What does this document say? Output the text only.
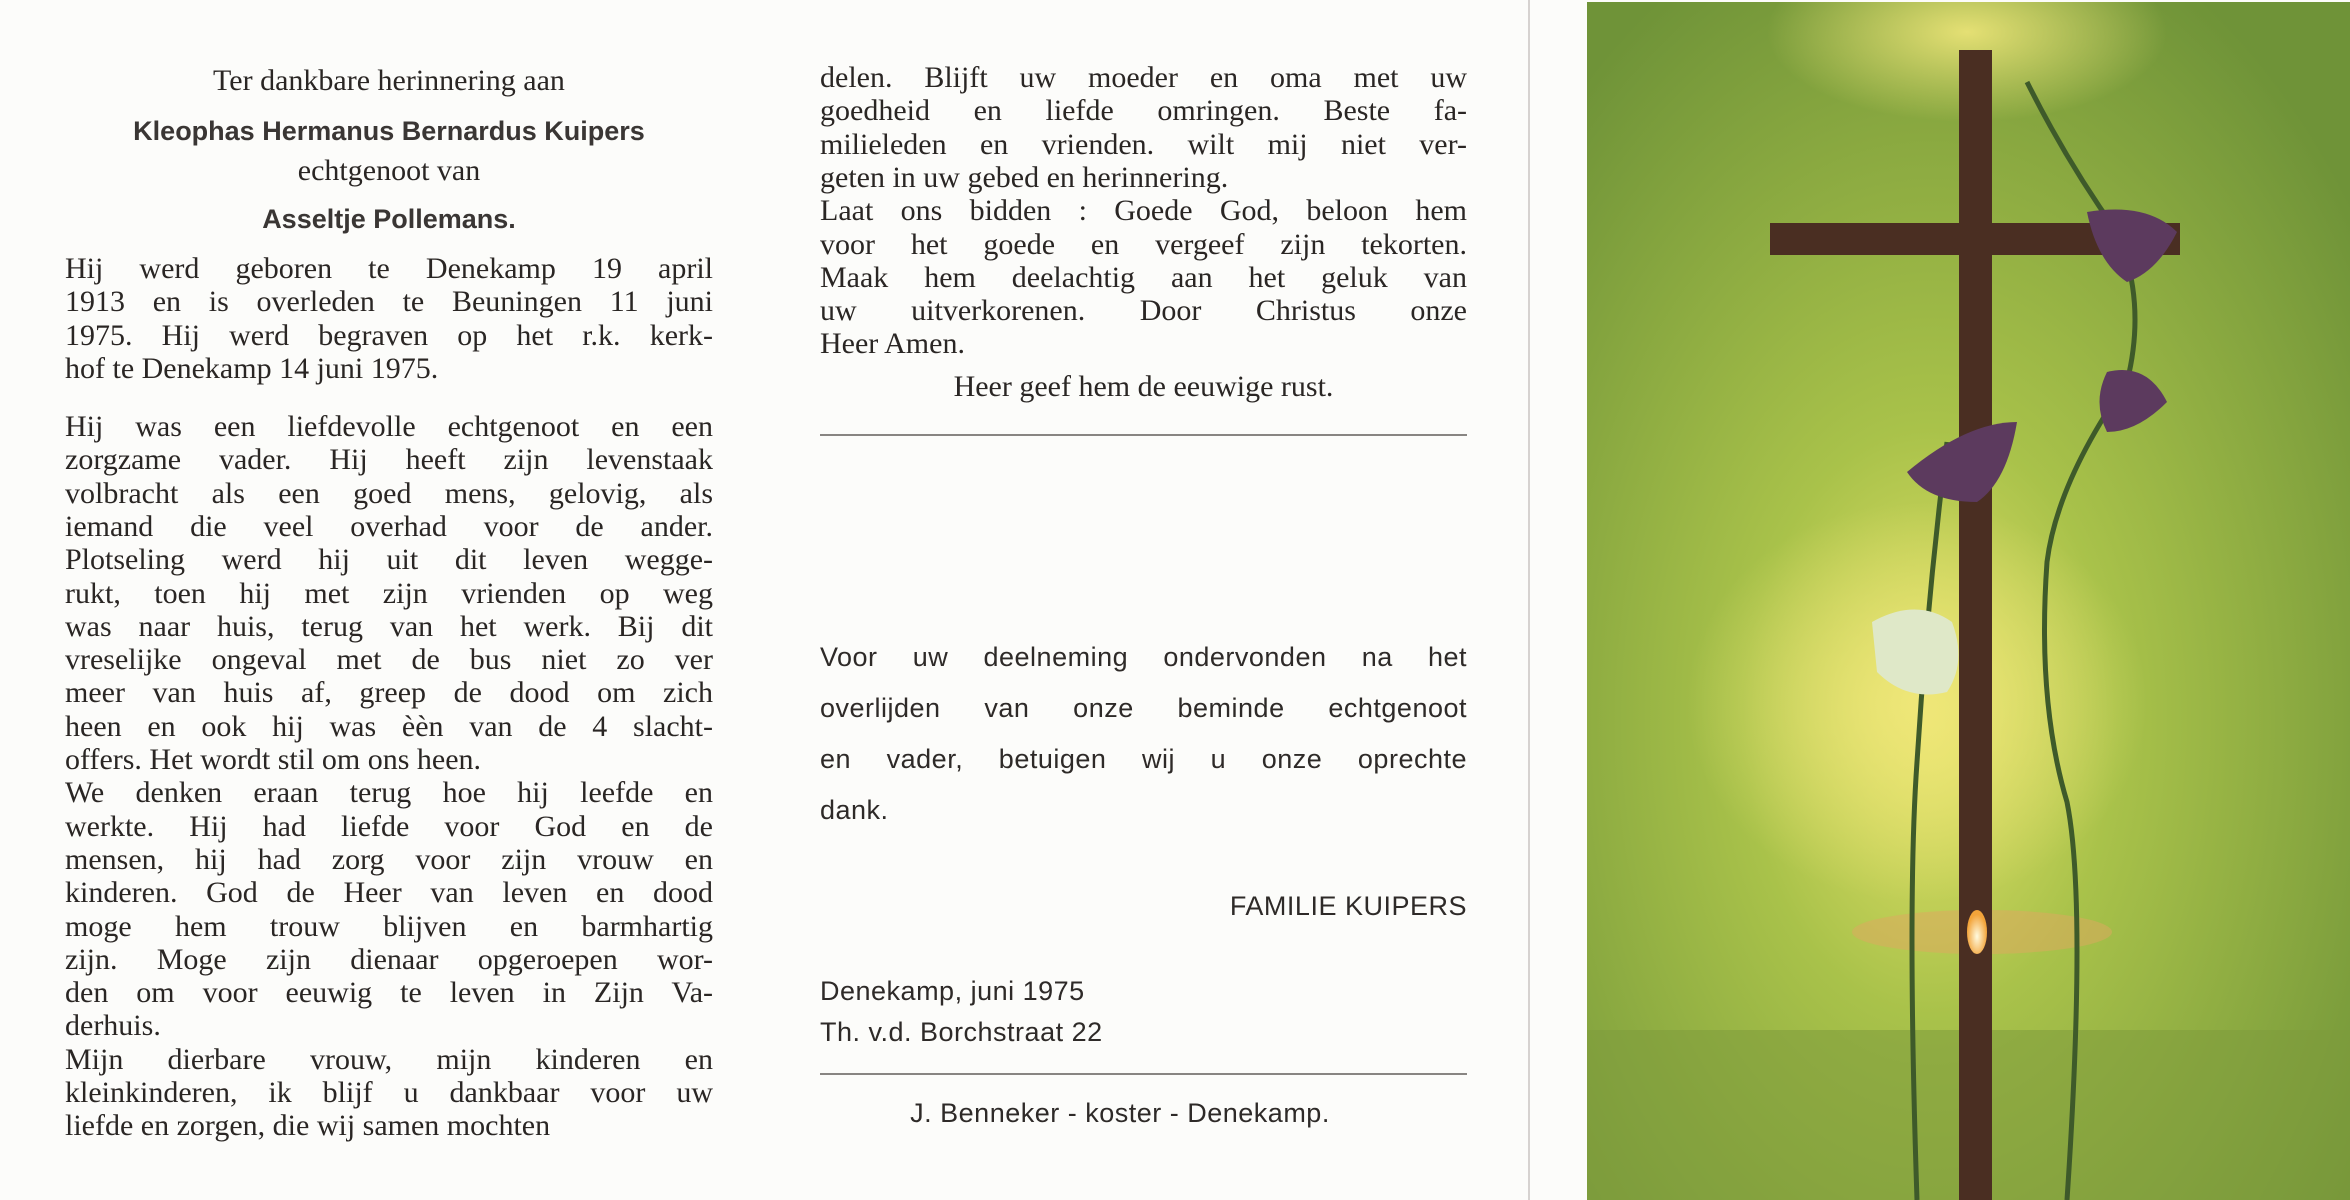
Ter dankbare herinnering aan
Kleophas Hermanus Bernardus Kuipers
echtgenoot van
Asseltje Pollemans.
Hij werd geboren te Denekamp 19 april
1913 en is overleden te Beuningen 11 juni
1975. Hij werd begraven op het r.k. kerk-
hof te Denekamp 14 juni 1975.
Hij was een liefdevolle echtgenoot en een
zorgzame vader. Hij heeft zijn levenstaak
volbracht als een goed mens, gelovig, als
iemand die veel overhad voor de ander.
Plotseling werd hij uit dit leven wegge-
rukt, toen hij met zijn vrienden op weg
was naar huis, terug van het werk. Bij dit
vreselijke ongeval met de bus niet zo ver
meer van huis af, greep de dood om zich
heen en ook hij was èèn van de 4 slacht-
offers. Het wordt stil om ons heen.
We denken eraan terug hoe hij leefde en
werkte. Hij had liefde voor God en de
mensen, hij had zorg voor zijn vrouw en
kinderen. God de Heer van leven en dood
moge hem trouw blijven en barmhartig
zijn. Moge zijn dienaar opgeroepen wor-
den om voor eeuwig te leven in Zijn Va-
derhuis.
Mijn dierbare vrouw, mijn kinderen en
kleinkinderen, ik blijf u dankbaar voor uw
liefde en zorgen, die wij samen mochten
delen. Blijft uw moeder en oma met uw
goedheid en liefde omringen. Beste fa-
milieleden en vrienden. wilt mij niet ver-
geten in uw gebed en herinnering.
Laat ons bidden : Goede God, beloon hem
voor het goede en vergeef zijn tekorten.
Maak hem deelachtig aan het geluk van
uw uitverkorenen. Door Christus onze
Heer Amen.
Heer geef hem de eeuwige rust.
Voor uw deelneming ondervonden na het
overlijden van onze beminde echtgenoot
en vader, betuigen wij u onze oprechte
dank.
FAMILIE KUIPERS
Denekamp, juni 1975
Th. v.d. Borchstraat 22
J. Benneker - koster - Denekamp.
